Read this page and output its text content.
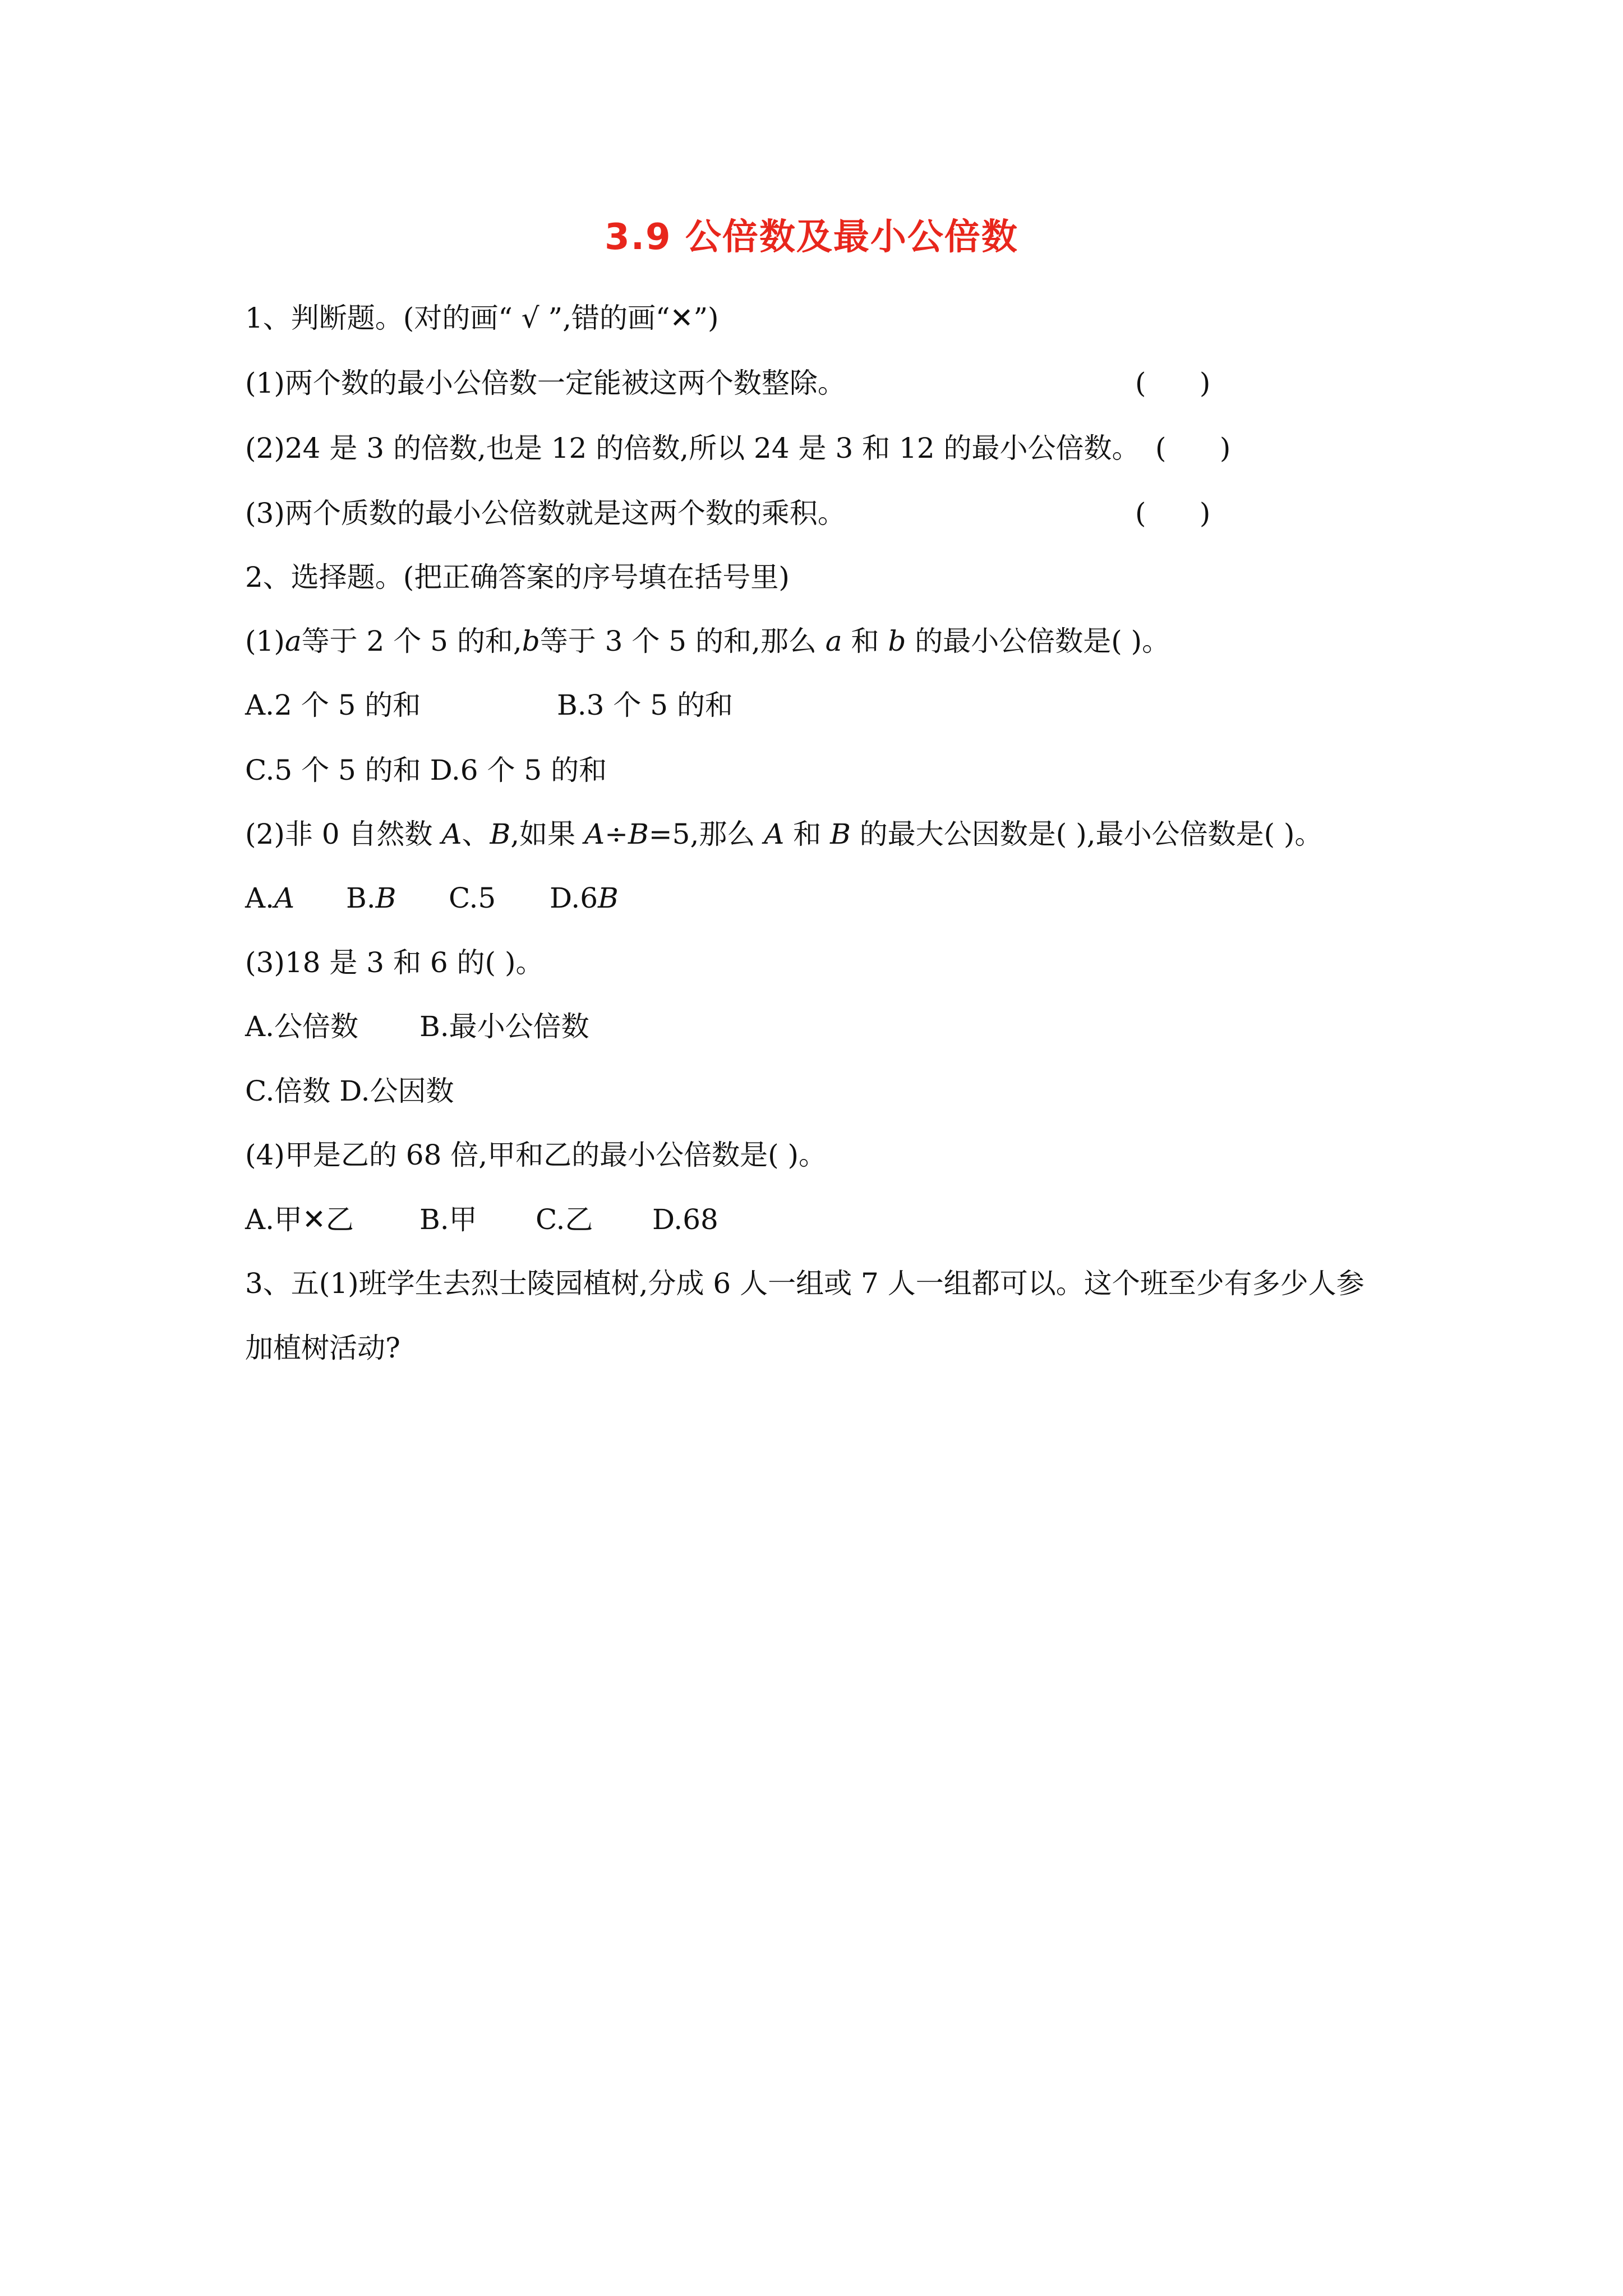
3.9 公倍数及最小公倍数
1、判断题。(对的画“ √ ”,错的画“✕”)
(1)两个数的最小公倍数一定能被这两个数整除。	(      )
(2)24 是 3 的倍数,也是 12 的倍数,所以 24 是 3 和 12 的最小公倍数。 (      )
(3)两个质数的最小公倍数就是这两个数的乘积。	(      )
2、选择题。(把正确答案的序号填在括号里)
(1)a等于 2 个 5 的和,b等于 3 个 5 的和,那么 a 和 b 的最小公倍数是( )。
A.2 个 5 的和	B.3 个 5 的和
C.5 个 5 的和 D.6 个 5 的和
(2)非 0 自然数 A、B,如果 A÷B=5,那么 A 和 B 的最大公因数是( ),最小公倍数是( )。
A.A B.B C.5 D.6B
(3)18 是 3 和 6 的( )。
A.公倍数 B.最小公倍数
C.倍数 D.公因数
(4)甲是乙的 68 倍,甲和乙的最小公倍数是( )。
A.甲✕乙 B.甲 C.乙 D.68
3、五(1)班学生去烈士陵园植树,分成 6 人一组或 7 人一组都可以。这个班至少有多少人参
加植树活动?
